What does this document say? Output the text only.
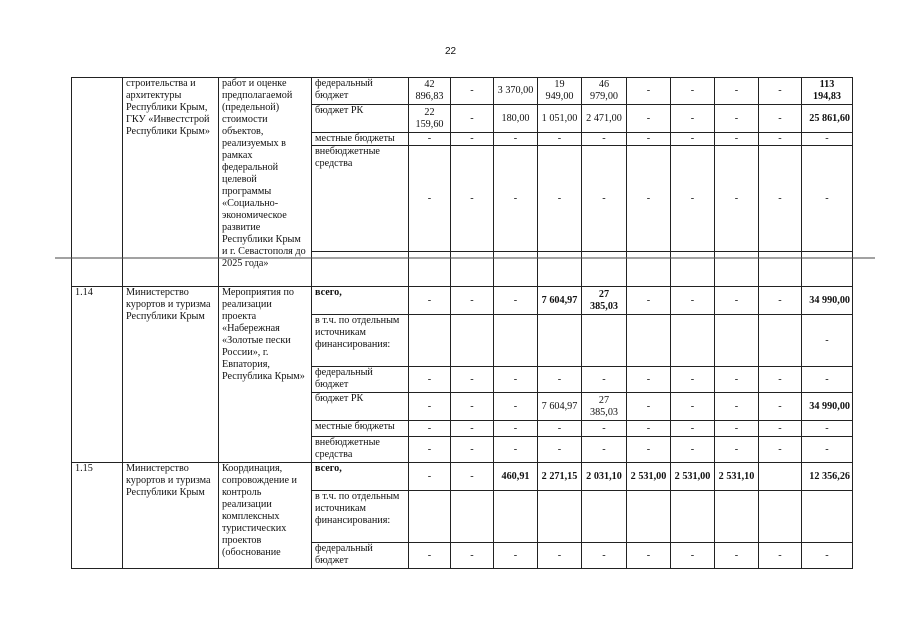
22
	строительства и архитектуры Республики Крым, ГКУ «Инвестстрой Республики Крым»	работ и оценке предполагаемой (предельной) стоимости объектов, реализуемых в рамках федеральной целевой программы «Социально-экономическое развитие Республики Крым и г. Севастополя до 2025 года»	федеральный бюджет	42 896,83	-	3 370,00	19 949,00	46 979,00	-	-	-	-	113 194,83
			бюджет РК	22 159,60	-	180,00	1 051,00	2 471,00	-	-	-	-	25 861,60
			местные бюджеты	-	-	-	-	-	-	-	-	-	-
			внебюджетные средства	-	-	-	-	-	-	-	-	-	-

1.14	Министерство курортов и туризма Республики Крым	Мероприятия по реализации проекта «Набережная «Золотые пески России», г. Евпатория, Республика Крым»	всего,	-	-	-	7 604,97	27 385,03	-	-	-	-	34 990,00
			в т.ч. по отдельным источникам финансирования:										-
			федеральный бюджет	-	-	-	-	-	-	-	-	-	-
			бюджет РК	-	-	-	7 604,97	27 385,03	-	-	-	-	34 990,00
			местные бюджеты	-	-	-	-	-	-	-	-	-	-
			внебюджетные средства	-	-	-	-	-	-	-	-	-	-
1.15	Министерство курортов и туризма Республики Крым	Координация, сопровождение и контроль реализации комплексных туристических проектов (обоснование	всего,	-	-	460,91	2 271,15	2 031,10	2 531,00	2 531,00	2 531,10		12 356,26
			в т.ч. по отдельным источникам финансирования:										
			федеральный бюджет	-	-	-	-	-	-	-	-	-	-
